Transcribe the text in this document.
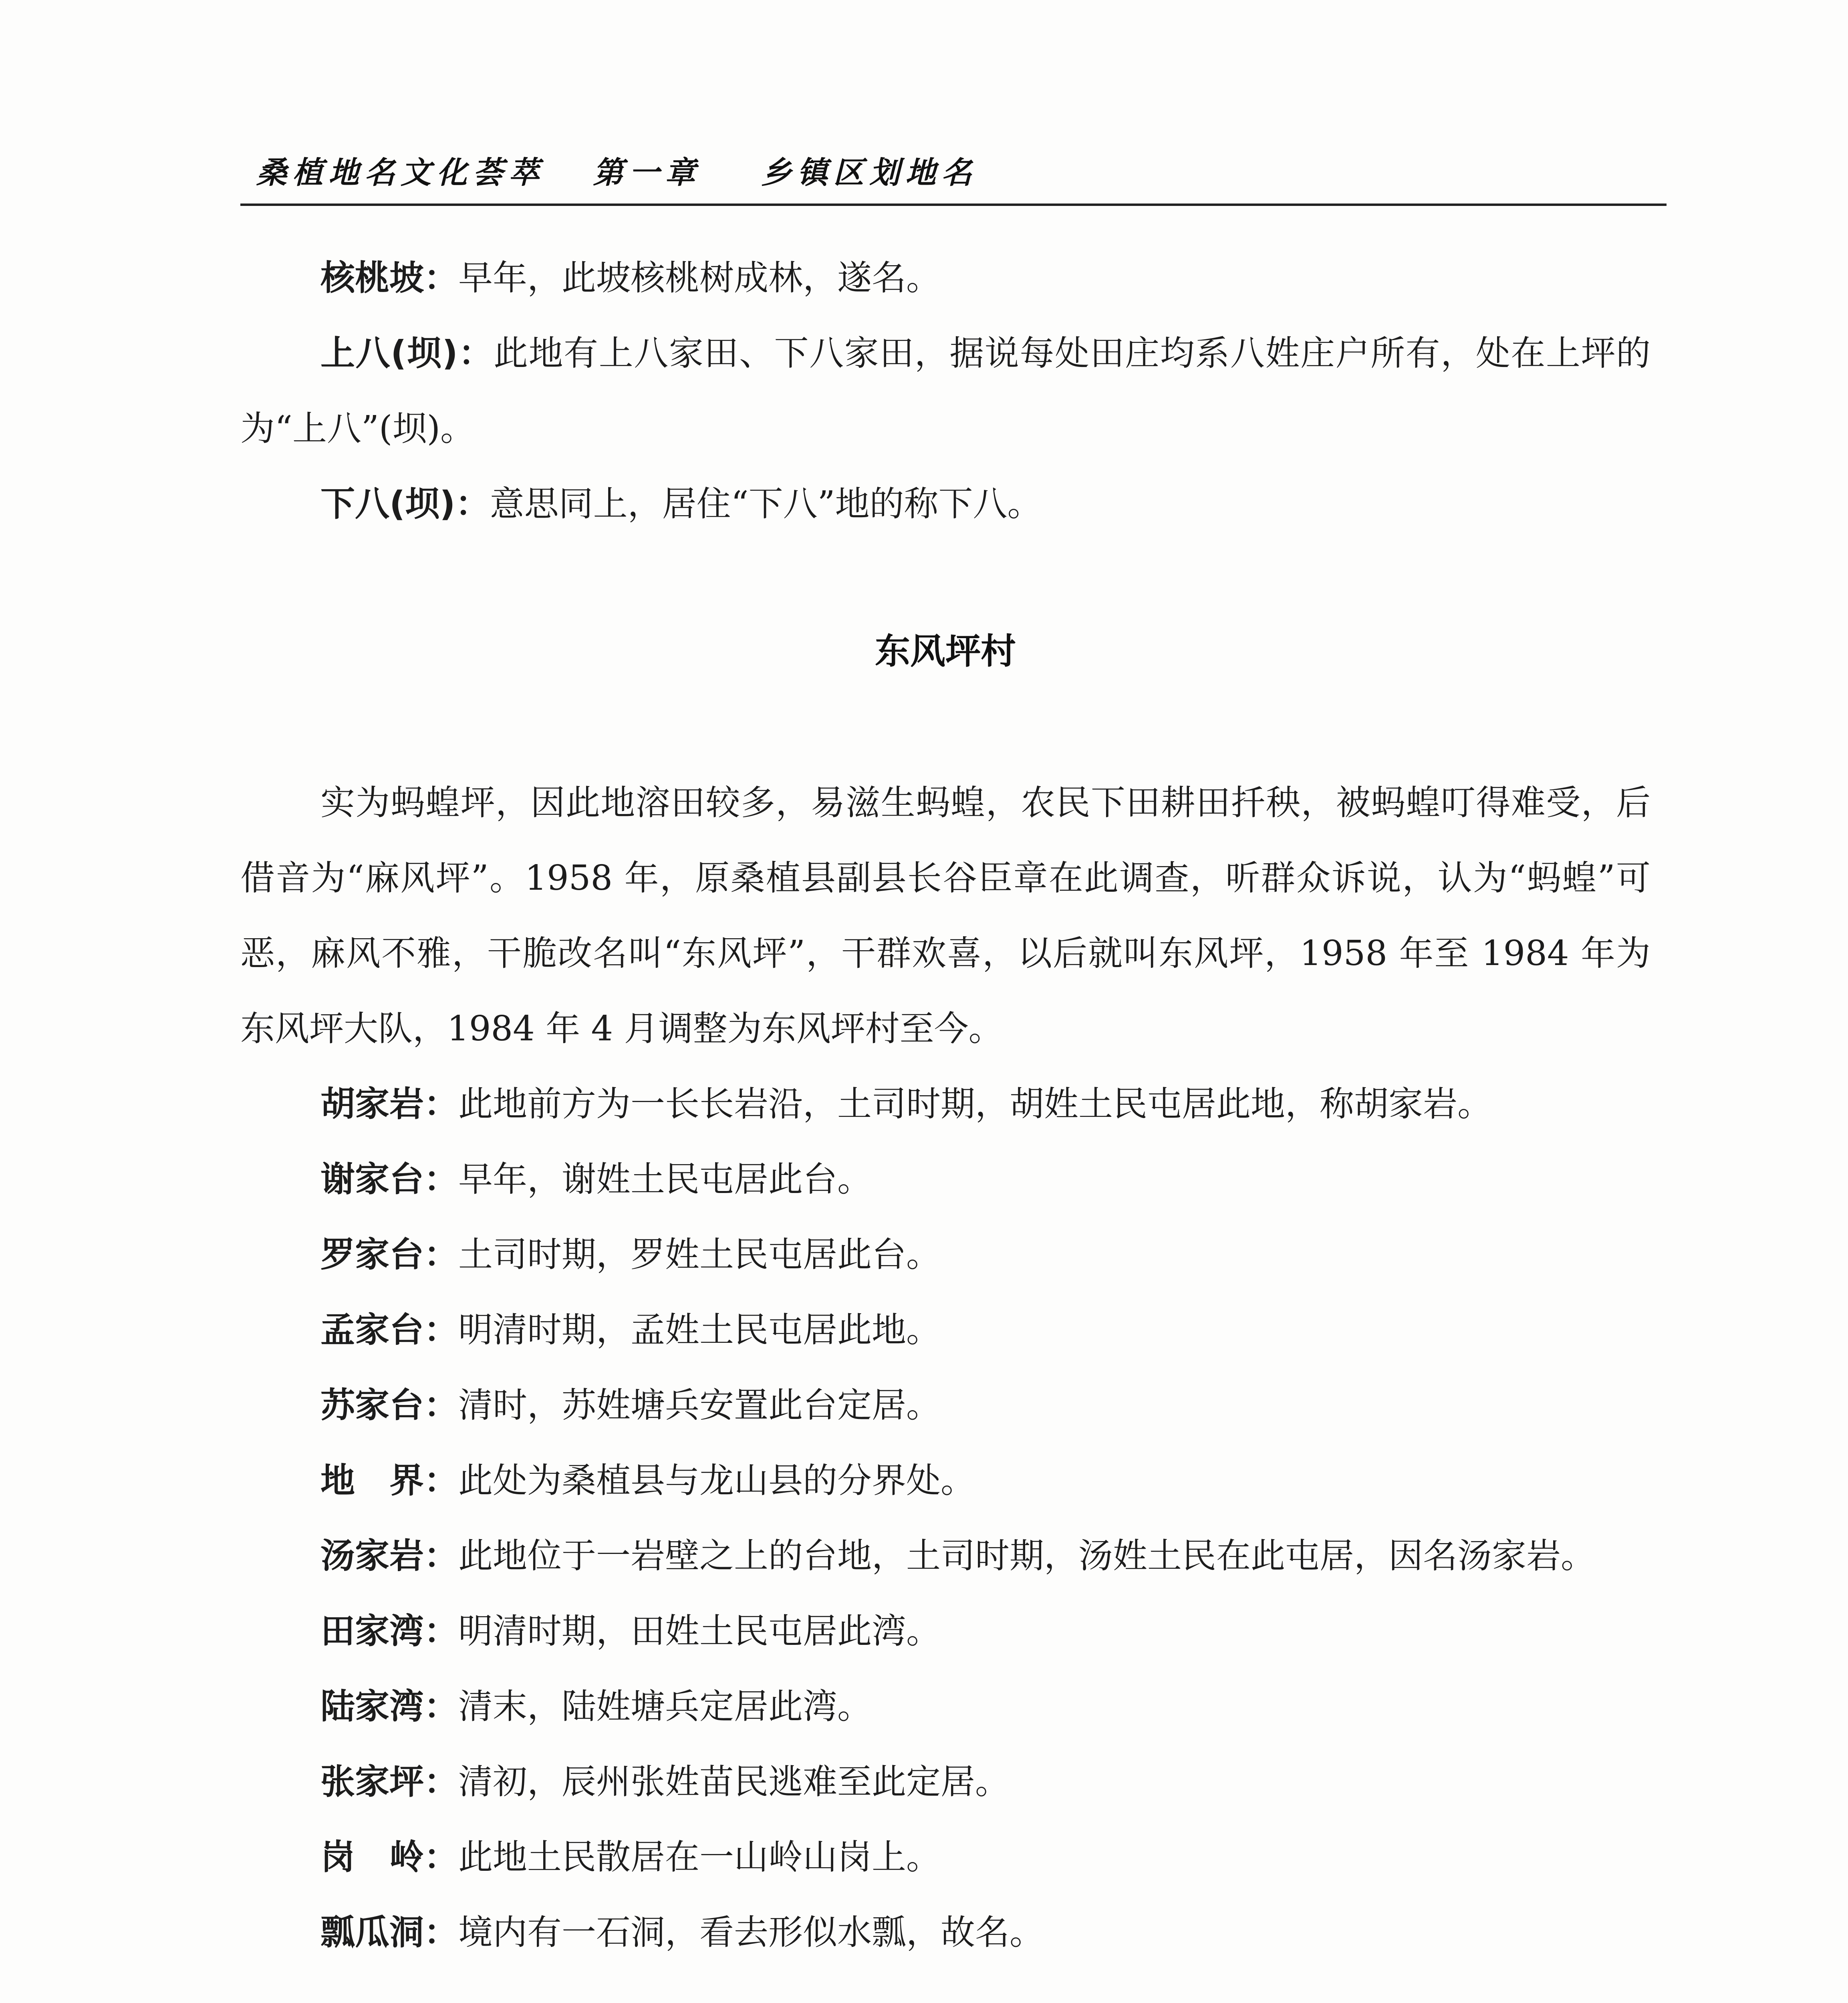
桑植地名文化荟萃 第一章 乡镇区划地名

核桃坡：早年，此坡核桃树成林，遂名。

上八(坝)：此地有上八家田、下八家田，据说每处田庄均系八姓庄户所有，处在上坪的为“上八”(坝)。

下八(坝)：意思同上，居住“下八”地的称下八。

东风坪村

实为蚂蝗坪，因此地溶田较多，易滋生蚂蝗，农民下田耕田扦秧，被蚂蝗叮得难受，后借音为“麻风坪”。1958 年，原桑植县副县长谷臣章在此调查，听群众诉说，认为“蚂蝗”可恶，麻风不雅，干脆改名叫“东风坪”，干群欢喜，以后就叫东风坪，1958 年至 1984 年为东风坪大队，1984 年 4 月调整为东风坪村至今。

胡家岩：此地前方为一长长岩沿，土司时期，胡姓土民屯居此地，称胡家岩。

谢家台：早年，谢姓土民屯居此台。

罗家台：土司时期，罗姓土民屯居此台。

孟家台：明清时期，孟姓土民屯居此地。

苏家台：清时，苏姓塘兵安置此台定居。

地　界：此处为桑植县与龙山县的分界处。

汤家岩：此地位于一岩壁之上的台地，土司时期，汤姓土民在此屯居，因名汤家岩。

田家湾：明清时期，田姓土民屯居此湾。

陆家湾：清末，陆姓塘兵定居此湾。

张家坪：清初，辰州张姓苗民逃难至此定居。

岗　岭：此地土民散居在一山岭山岗上。

瓢瓜洞：境内有一石洞，看去形似水瓢，故名。
